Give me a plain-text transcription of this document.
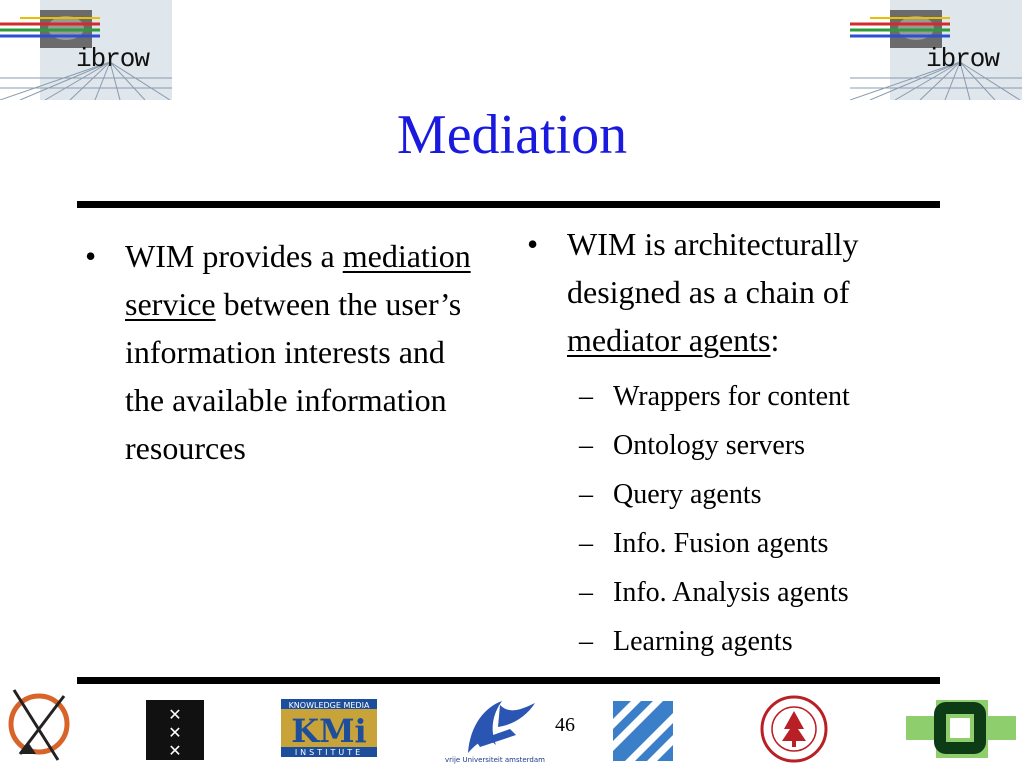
ibrow	ibrow
Mediation
• WIM provides a mediation service between the user’s information interests and the available information resources
• WIM is architecturally designed as a chain of mediator agents:
– Wrappers for content
– Ontology servers
– Query agents
– Info. Fusion agents
– Info. Analysis agents
– Learning agents
✕
✕
✕
KNOWLEDGE MEDIA
KMi
INSTITUTE
vrije Universiteit amsterdam
46
